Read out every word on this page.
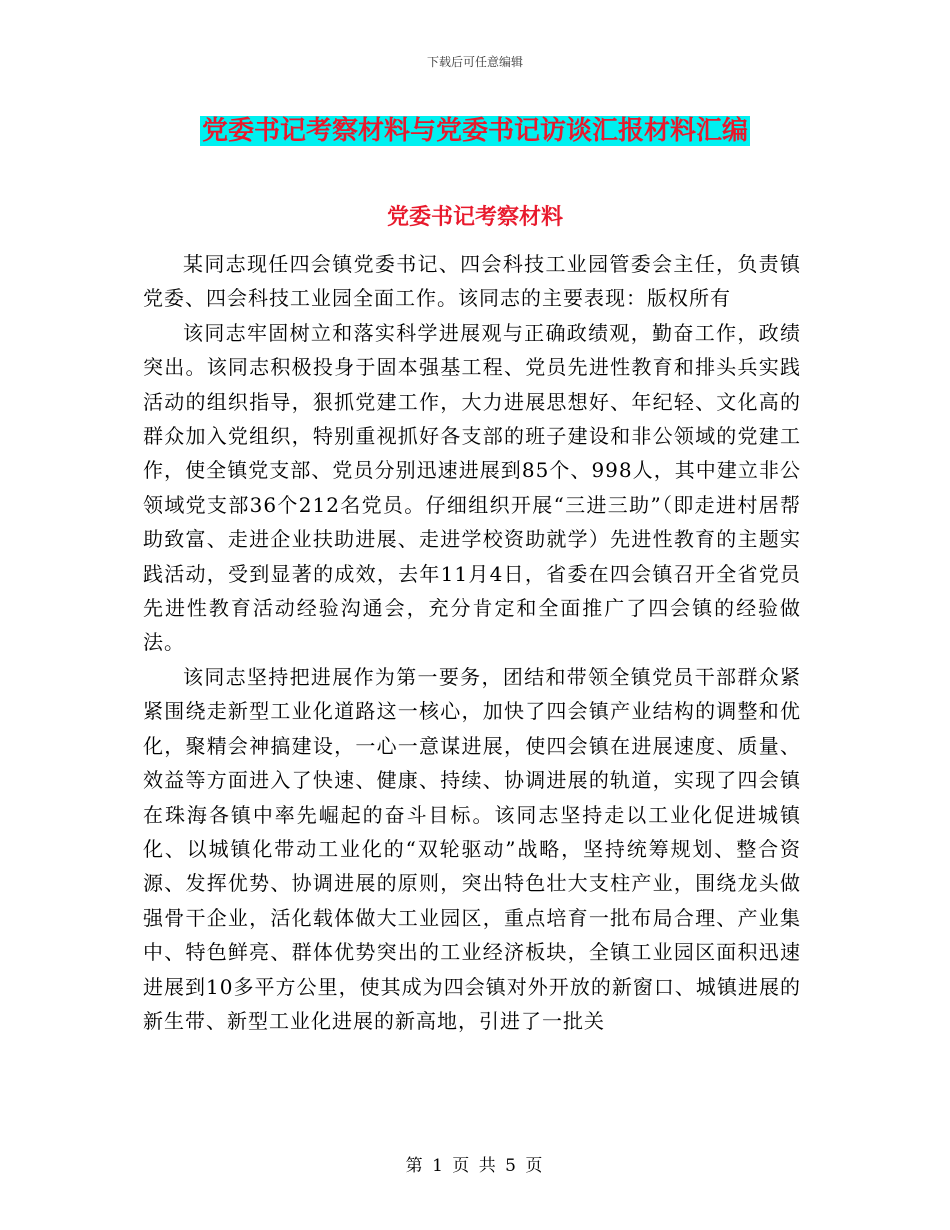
下载后可任意编辑
党委书记考察材料与党委书记访谈汇报材料汇编
党委书记考察材料

某同志现任四会镇党委书记、四会科技工业园管委会主任，负责镇党委、四会科技工业园全面工作。该同志的主要表现：版权所有

该同志牢固树立和落实科学进展观与正确政绩观，勤奋工作，政绩突出。该同志积极投身于固本强基工程、党员先进性教育和排头兵实践活动的组织指导，狠抓党建工作，大力进展思想好、年纪轻、文化高的群众加入党组织，特别重视抓好各支部的班子建设和非公领域的党建工作，使全镇党支部、党员分别迅速进展到85个、998人，其中建立非公领域党支部36个212名党员。仔细组织开展“三进三助”（即走进村居帮助致富、走进企业扶助进展、走进学校资助就学）先进性教育的主题实践活动，受到显著的成效，去年11月4日，省委在四会镇召开全省党员先进性教育活动经验沟通会，充分肯定和全面推广了四会镇的经验做法。

该同志坚持把进展作为第一要务，团结和带领全镇党员干部群众紧紧围绕走新型工业化道路这一核心，加快了四会镇产业结构的调整和优化，聚精会神搞建设，一心一意谋进展，使四会镇在进展速度、质量、效益等方面进入了快速、健康、持续、协调进展的轨道，实现了四会镇在珠海各镇中率先崛起的奋斗目标。该同志坚持走以工业化促进城镇化、以城镇化带动工业化的“双轮驱动”战略，坚持统筹规划、整合资源、发挥优势、协调进展的原则，突出特色壮大支柱产业，围绕龙头做强骨干企业，活化载体做大工业园区，重点培育一批布局合理、产业集中、特色鲜亮、群体优势突出的工业经济板块，全镇工业园区面积迅速进展到10多平方公里，使其成为四会镇对外开放的新窗口、城镇进展的新生带、新型工业化进展的新高地，引进了一批关

第 1 页 共 5 页
